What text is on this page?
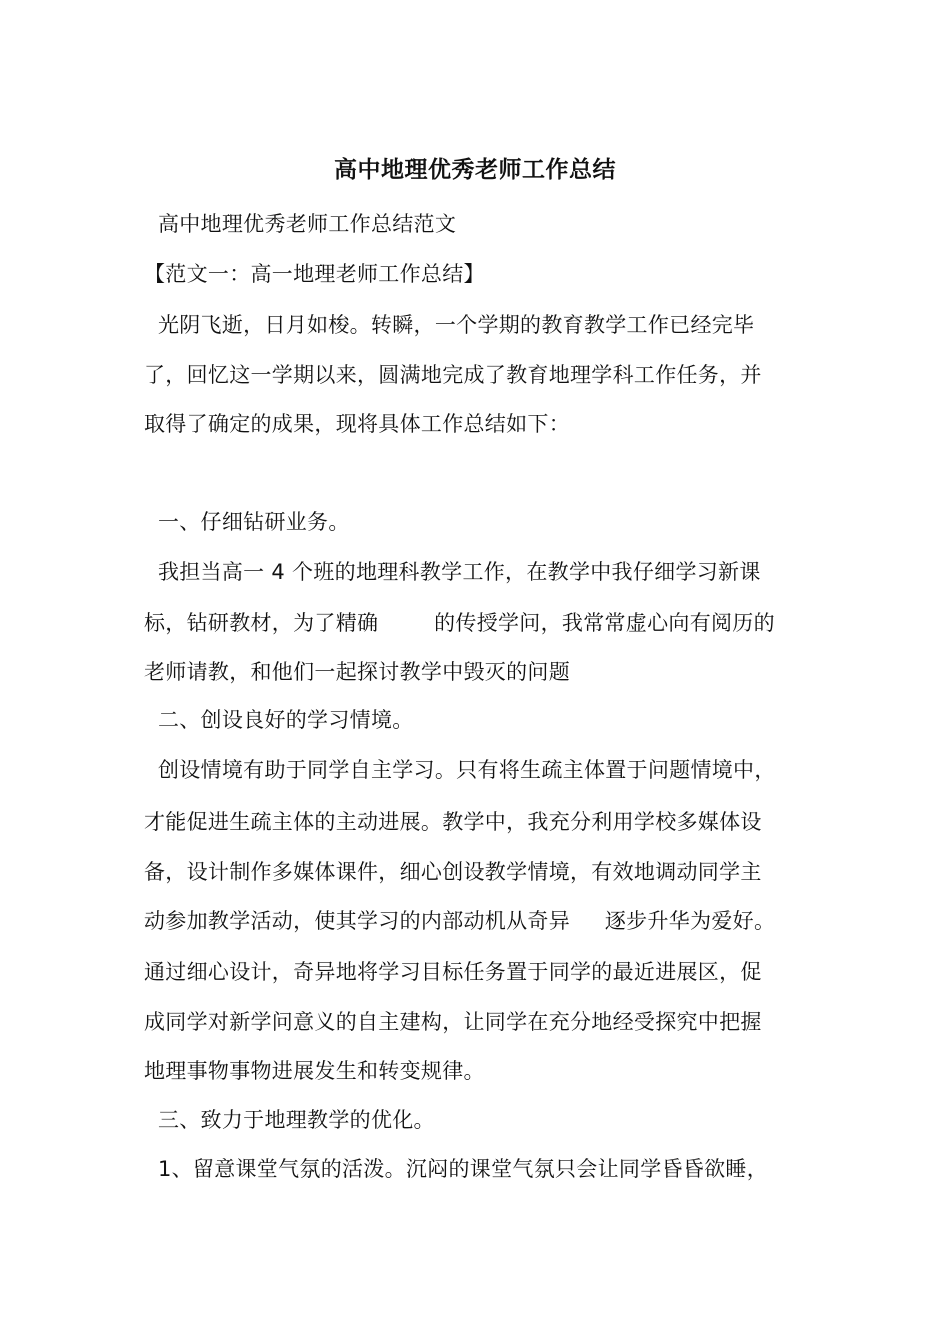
高中地理优秀老师工作总结
高中地理优秀老师工作总结范文
【范文一：高一地理老师工作总结】
光阴飞逝，日月如梭。转瞬，一个学期的教育教学工作已经完毕
了，回忆这一学期以来，圆满地完成了教育地理学科工作任务，并
取得了确定的成果，现将具体工作总结如下：
一、仔细钻研业务。
我担当高一 4 个班的地理科教学工作，在教学中我仔细学习新课
标，钻研教材，为了精确        的传授学问，我常常虚心向有阅历的
老师请教，和他们一起探讨教学中毁灭的问题
二、创设良好的学习情境。
创设情境有助于同学自主学习。只有将生疏主体置于问题情境中，
才能促进生疏主体的主动进展。教学中，我充分利用学校多媒体设
备，设计制作多媒体课件，细心创设教学情境，有效地调动同学主
动参加教学活动，使其学习的内部动机从奇异     逐步升华为爱好。
通过细心设计，奇异地将学习目标任务置于同学的最近进展区，促
成同学对新学问意义的自主建构，让同学在充分地经受探究中把握
地理事物事物进展发生和转变规律。
三、致力于地理教学的优化。
1、留意课堂气氛的活泼。沉闷的课堂气氛只会让同学昏昏欲睡，
